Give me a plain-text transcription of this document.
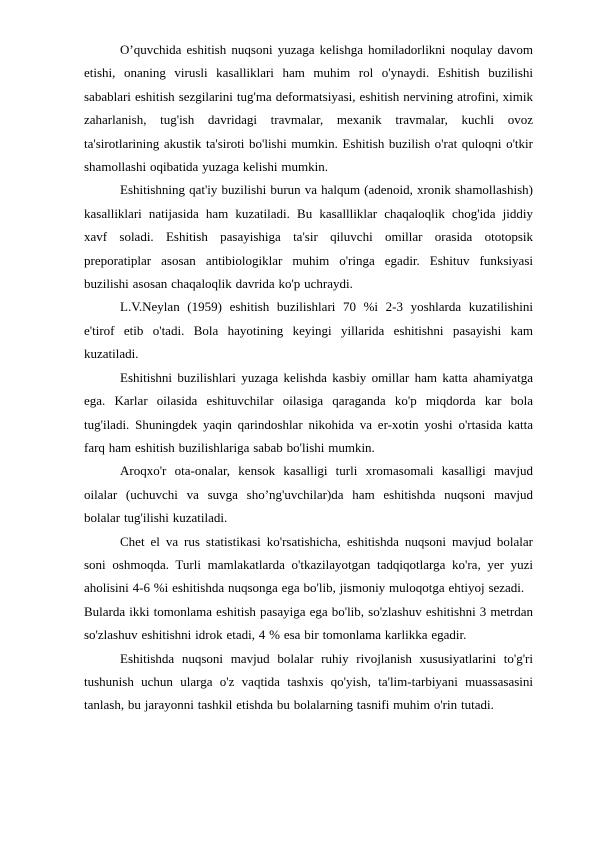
O’quvchida eshitish nuqsoni yuzaga kelishga homiladorlikni noqulay davom etishi, onaning virusli kasalliklari ham muhim rol o'ynaydi. Eshitish buzilishi sabablari eshitish sezgilarini tug'ma deformatsiyasi, eshitish nervining atrofini, ximik zaharlanish, tug'ish davridagi travmalar, mexanik travmalar, kuchli ovoz ta'sirotlarining akustik ta'siroti bo'lishi mumkin. Eshitish buzilish o'rat quloqni o'tkir shamollashi oqibatida yuzaga kelishi mumkin.

Eshitishning qat'iy buzilishi burun va halqum (adenoid, xronik shamollashish) kasalliklari natijasida ham kuzatiladi. Bu kasallliklar chaqaloqlik chog'ida jiddiy xavf soladi. Eshitish pasayishiga ta'sir qiluvchi omillar orasida ototopsik preporatiplar asosan antibiologiklar muhim o'ringa egadir. Eshituv funksiyasi buzilishi asosan chaqaloqlik davrida ko'p uchraydi.

L.V.Neylan (1959) eshitish buzilishlari 70 %i 2-3 yoshlarda kuzatilishini e'tirof etib o'tadi. Bola hayotining keyingi yillarida eshitishni pasayishi kam kuzatiladi.

Eshitishni buzilishlari yuzaga kelishda kasbiy omillar ham katta ahamiyatga ega. Karlar oilasida eshituvchilar oilasiga qaraganda ko'p miqdorda kar bola tug'iladi. Shuningdek yaqin qarindoshlar nikohida va er-xotin yoshi o'rtasida katta farq ham eshitish buzilishlariga sabab bo'lishi mumkin.

Aroqxo'r ota-onalar, kensok kasalligi turli xromasomali kasalligi mavjud oilalar (uchuvchi va suvga sho’ng'uvchilar)da ham eshitishda nuqsoni mavjud bolalar tug'ilishi kuzatiladi.

Chet el va rus statistikasi ko'rsatishicha, eshitishda nuqsoni mavjud bolalar soni oshmoqda. Turli mamlakatlarda o'tkazilayotgan tadqiqotlarga ko'ra, yer yuzi aholisini 4-6 %i eshitishda nuqsonga ega bo'lib, jismoniy muloqotga ehtiyoj sezadi.

Bularda ikki tomonlama eshitish pasayiga ega bo'lib, so'zlashuv eshitishni 3 metrdan so'zlashuv eshitishni idrok etadi, 4 % esa bir tomonlama karlikka egadir.

Eshitishda nuqsoni mavjud bolalar ruhiy rivojlanish xususiyatlarini to'g'ri tushunish uchun ularga o'z vaqtida tashxis qo'yish, ta'lim-tarbiyani muassasasini tanlash, bu jarayonni tashkil etishda bu bolalarning tasnifi muhim o'rin tutadi.
